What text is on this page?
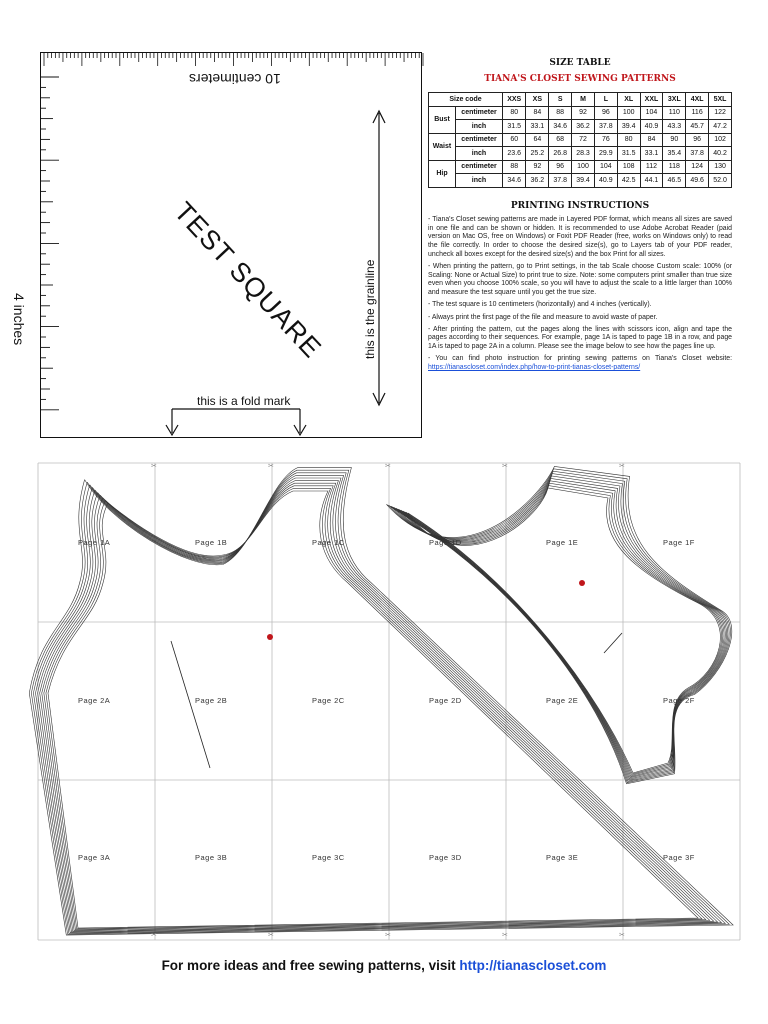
10 centimeters
4 inches	TEST SQUARE	this is the grainline
this is a fold mark
SIZE TABLE
TIANA'S CLOSET SEWING PATTERNS
Size code		XXS	XS	S	M	L	XL	XXL	3XL	4XL	5XL
Bust	centimeter	80	84	88	92	96	100	104	110	116	122
	inch	31.5	33.1	34.6	36.2	37.8	39.4	40.9	43.3	45.7	47.2
Waist	centimeter	60	64	68	72	76	80	84	90	96	102
	inch	23.6	25.2	26.8	28.3	29.9	31.5	33.1	35.4	37.8	40.2
Hip	centimeter	88	92	96	100	104	108	112	118	124	130
	inch	34.6	36.2	37.8	39.4	40.9	42.5	44.1	46.5	49.6	52.0
PRINTING INSTRUCTIONS

- Tiana's Closet sewing patterns are made in Layered PDF format, which means all sizes are saved in one file and can be shown or hidden. It is recommended to use Adobe Acrobat Reader (paid version on Mac OS, free on Windows) or Foxit PDF Reader (free, works on Windows only) to read the file correctly. In order to choose the desired size(s), go to Layers tab of your PDF reader, uncheck all boxes except for the desired size(s) and the box Print for all sizes.

- When printing the pattern, go to Print settings, in the tab Scale choose Custom scale: 100% (or Scaling: None or Actual Size) to print true to size. Note: some computers print smaller than true size even when you choose 100% scale, so you will have to adjust the scale to a little larger than 100% and measure the test square until you get the true size.

- The test square is 10 centimeters (horizontally) and 4 inches (vertically).

- Always print the first page of the file and measure to avoid waste of paper.

- After printing the pattern, cut the pages along the lines with scissors icon, align and tape the pages according to their sequences. For example, page 1A is taped to page 1B in a row, and page 1A is taped to page 2A in a column. Please see the image below to see how the pages line up.

- You can find photo instruction for printing sewing patterns on Tiana's Closet website: https://tianascloset.com/index.php/how-to-print-tianas-closet-patterns/

✂
✂
✂
✂
✂
✂
✂
✂
✂
✂
Page 1A	Page 1B	Page 1C	Page 1D	Page 1E	Page 1F
Page 2A	Page 2B	Page 2C	Page 2D	Page 2E	Page 2F
Page 3A	Page 3B	Page 3C	Page 3D	Page 3E	Page 3F
For more ideas and free sewing patterns, visit http://tianascloset.com
